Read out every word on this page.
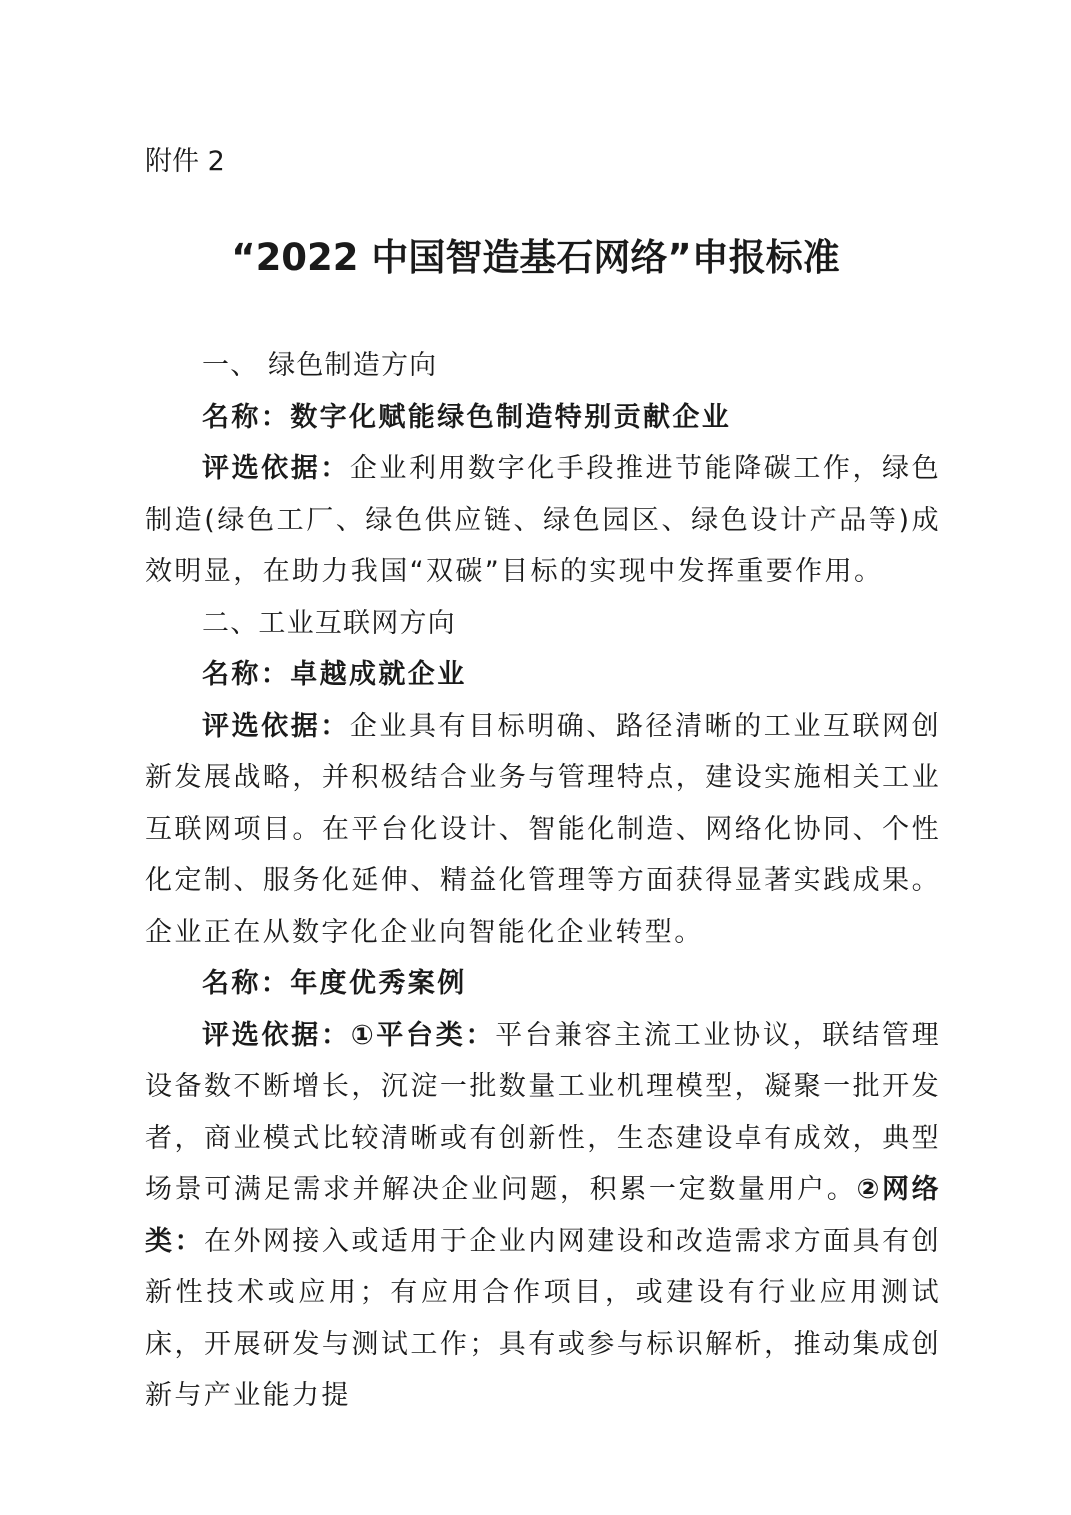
附件 2
“2022 中国智造基石网络”申报标准

一、 绿色制造方向

名称：数字化赋能绿色制造特别贡献企业

评选依据：企业利用数字化手段推进节能降碳工作，绿色制造(绿色工厂、绿色供应链、绿色园区、绿色设计产品等)成效明显，在助力我国“双碳”目标的实现中发挥重要作用。

二、工业互联网方向

名称：卓越成就企业

评选依据：企业具有目标明确、路径清晰的工业互联网创新发展战略，并积极结合业务与管理特点，建设实施相关工业互联网项目。在平台化设计、智能化制造、网络化协同、个性化定制、服务化延伸、精益化管理等方面获得显著实践成果。企业正在从数字化企业向智能化企业转型。

名称：年度优秀案例

评选依据：①平台类：平台兼容主流工业协议，联结管理设备数不断增长，沉淀一批数量工业机理模型，凝聚一批开发者，商业模式比较清晰或有创新性，生态建设卓有成效，典型场景可满足需求并解决企业问题，积累一定数量用户。②网络类：在外网接入或适用于企业内网建设和改造需求方面具有创新性技术或应用；有应用合作项目，或建设有行业应用测试床，开展研发与测试工作；具有或参与标识解析，推动集成创新与产业能力提
